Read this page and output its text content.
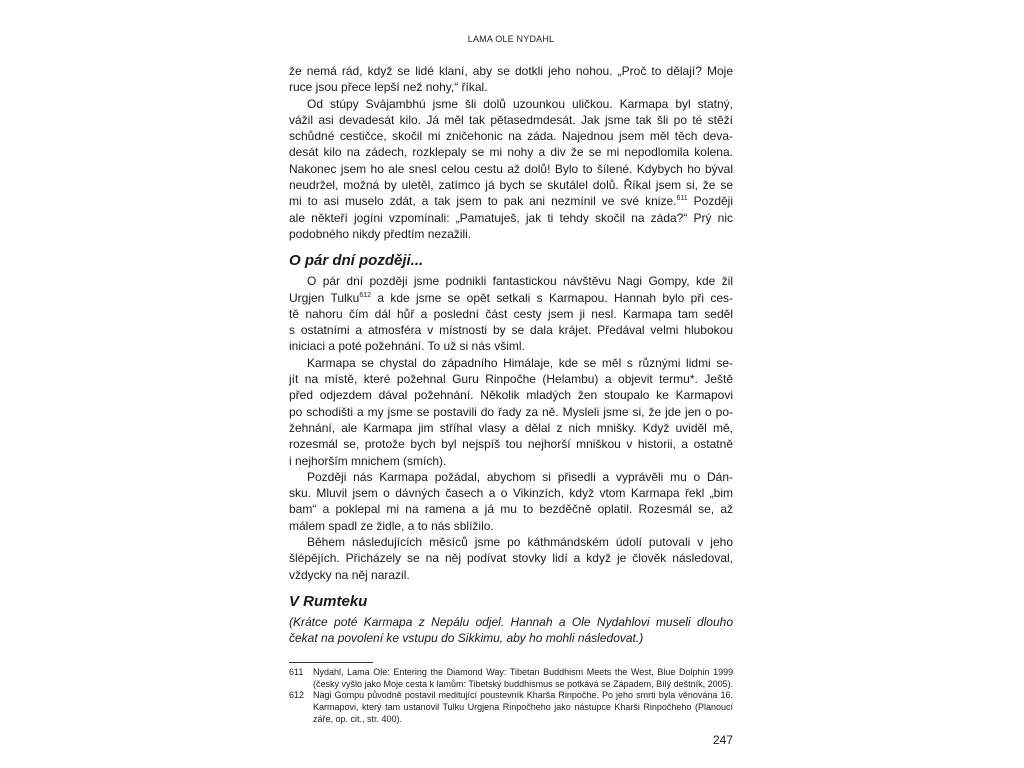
LAMA OLE NYDAHL
že nemá rád, když se lidé klaní, aby se dotkli jeho nohou. „Proč to dělají? Moje
ruce jsou přece lepší než nohy,“ říkal.
Od stúpy Svájambhú jsme šli dolů uzounkou uličkou. Karmapa byl statný,
vážil asi devadesát kilo. Já měl tak pětasedmdesát. Jak jsme tak šli po té stěží
schůdné cestičce, skočil mi zničehonic na záda. Najednou jsem měl těch deva-
desát kilo na zádech, rozklepaly se mi nohy a div že se mi nepodlomila kolena.
Nakonec jsem ho ale snesl celou cestu až dolů! Bylo to šílené. Kdybych ho býval
neudržel, možná by uletěl, zatímco já bych se skutálel dolů. Říkal jsem si, že se
mi to asi muselo zdát, a tak jsem to pak ani nezmínil ve své knize.$^{611}$ Později
ale někteří jogíni vzpomínali: „Pamatuješ, jak ti tehdy skočil na záda?“ Prý nic
podobného nikdy předtím nezažili.
O pár dní později...
O pár dní později jsme podnikli fantastickou návštěvu Nagi Gompy, kde žil
Urgjen Tulku$^{612}$ a kde jsme se opět setkali s Karmapou. Hannah bylo při ces-
tě nahoru čím dál hůř a poslední část cesty jsem ji nesl. Karmapa tam seděl
s ostatními a atmosféra v místnosti by se dala krájet. Předával velmi hlubokou
iniciaci a poté požehnání. To už si nás všiml.
Karmapa se chystal do západního Himálaje, kde se měl s různými lidmi se-
jít na místě, které požehnal Guru Rinpočhe (Helambu) a objevit termu*. Ještě
před odjezdem dával požehnání. Několik mladých žen stoupalo ke Karmapovi
po schodišti a my jsme se postavili do řady za ně. Mysleli jsme si, že jde jen o po-
žehnání, ale Karmapa jim stříhal vlasy a dělal z nich mnišky. Když uviděl mě,
rozesmál se, protože bych byl nejspíš tou nejhorší mniškou v historii, a ostatně
i nejhorším mnichem (smích).
Později nás Karmapa požádal, abychom si přisedli a vyprávěli mu o Dán-
sku. Mluvil jsem o dávných časech a o Vikinzích, když vtom Karmapa řekl „bim
bam“ a poklepal mi na ramena a já mu to bezděčně oplatil. Rozesmál se, až
málem spadl ze židle, a to nás sblížilo.
Během následujících měsíců jsme po káthmándském údolí putovali v jeho
šlépějích. Přicházely se na něj podívat stovky lidí a když je člověk následoval,
vždycky na něj narazil.
V Rumteku
(Krátce poté Karmapa z Nepálu odjel. Hannah a Ole Nydahlovi museli dlouho
čekat na povolení ke vstupu do Sikkimu, aby ho mohli následovat.)
611	Nydahl, Lama Ole: Entering the Diamond Way: Tibetan Buddhism Meets the West, Blue Dolphin 1999
(česky vyšlo jako Moje cesta k lamům: Tibetský buddhismus se potkává se Západem, Bílý deštník, 2005).
612 Nagi Gompu původně postavil meditující poustevník Kharša Rinpočhe. Po jeho smrti byla věnována 16.
Karmapovi, který tam ustanovil Tulku Urgjena Rinpočheho jako nástupce Kharši Rinpočheho (Planoucí
záře, op. cit., str. 400).
247
